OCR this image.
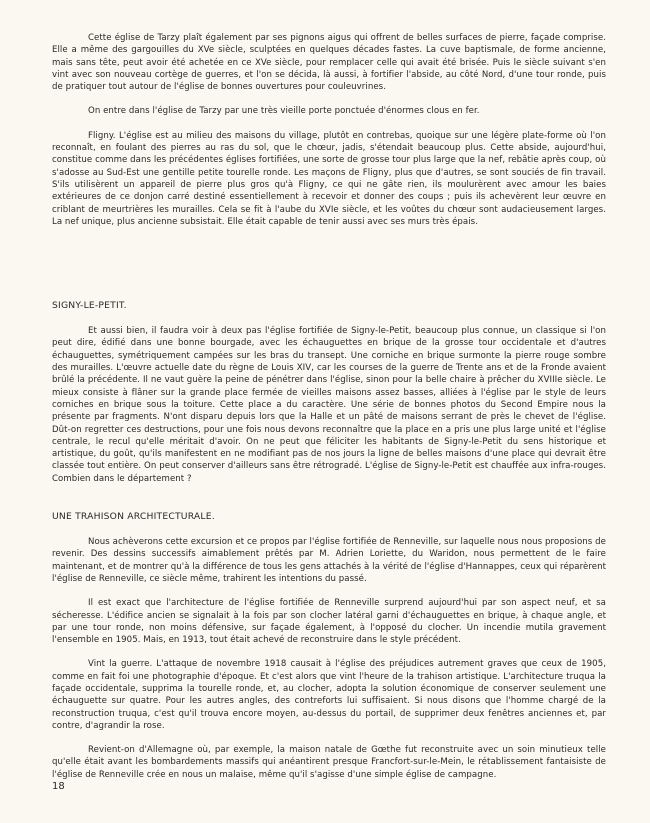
Cette église de Tarzy plaît également par ses pignons aigus qui offrent de belles surfaces de pierre, façade comprise. Elle a même des gargouilles du XVe siècle, sculptées en quelques décades fastes. La cuve baptismale, de forme ancienne, mais sans tête, peut avoir été achetée en ce XVe siècle, pour remplacer celle qui avait été brisée. Puis le siècle suivant s'en vint avec son nouveau cortège de guerres, et l'on se décida, là aussi, à fortifier l'abside, au côté Nord, d'une tour ronde, puis de pratiquer tout autour de l'église de bonnes ouvertures pour couleuvrines.

On entre dans l'église de Tarzy par une très vieille porte ponctuée d'énormes clous en fer.

Fligny. L'église est au milieu des maisons du village, plutôt en contrebas, quoique sur une légère plate-forme où l'on reconnaît, en foulant des pierres au ras du sol, que le chœur, jadis, s'étendait beaucoup plus. Cette abside, aujourd'hui, constitue comme dans les précédentes églises fortifiées, une sorte de grosse tour plus large que la nef, rebâtie après coup, où s'adosse au Sud-Est une gentille petite tourelle ronde. Les maçons de Fligny, plus que d'autres, se sont souciés de fin travail. S'ils utilisèrent un appareil de pierre plus gros qu'à Fligny, ce qui ne gâte rien, ils moulurèrent avec amour les baies extérieures de ce donjon carré destiné essentiellement à recevoir et donner des coups ; puis ils achevèrent leur œuvre en criblant de meurtrières les murailles. Cela se fit à l'aube du XVIe siècle, et les voûtes du chœur sont audacieusement larges. La nef unique, plus ancienne subsistait. Elle était capable de tenir aussi avec ses murs très épais.

SIGNY-LE-PETIT.

Et aussi bien, il faudra voir à deux pas l'église fortifiée de Signy-le-Petit, beaucoup plus connue, un classique si l'on peut dire, édifié dans une bonne bourgade, avec les échauguettes en brique de la grosse tour occidentale et d'autres échauguettes, symétriquement campées sur les bras du transept. Une corniche en brique surmonte la pierre rouge sombre des murailles. L'œuvre actuelle date du règne de Louis XIV, car les courses de la guerre de Trente ans et de la Fronde avaient brûlé la précédente. Il ne vaut guère la peine de pénétrer dans l'église, sinon pour la belle chaire à prêcher du XVIIIe siècle. Le mieux consiste à flâner sur la grande place fermée de vieilles maisons assez basses, alliées à l'église par le style de leurs corniches en brique sous la toiture. Cette place a du caractère. Une série de bonnes photos du Second Empire nous la présente par fragments. N'ont disparu depuis lors que la Halle et un pâté de maisons serrant de près le chevet de l'église. Dût-on regretter ces destructions, pour une fois nous devons reconnaître que la place en a pris une plus large unité et l'église centrale, le recul qu'elle méritait d'avoir. On ne peut que féliciter les habitants de Signy-le-Petit du sens historique et artistique, du goût, qu'ils manifestent en ne modifiant pas de nos jours la ligne de belles maisons d'une place qui devrait être classée tout entière. On peut conserver d'ailleurs sans être rétrogradé. L'église de Signy-le-Petit est chauffée aux infra-rouges. Combien dans le département ?

UNE TRAHISON ARCHITECTURALE.

Nous achèverons cette excursion et ce propos par l'église fortifiée de Renneville, sur laquelle nous nous proposions de revenir. Des dessins successifs aimablement prêtés par M. Adrien Loriette, du Waridon, nous permettent de le faire maintenant, et de montrer qu'à la différence de tous les gens attachés à la vérité de l'église d'Hannappes, ceux qui réparèrent l'église de Renneville, ce siècle même, trahirent les intentions du passé.

Il est exact que l'architecture de l'église fortifiée de Renneville surprend aujourd'hui par son aspect neuf, et sa sécheresse. L'édifice ancien se signalait à la fois par son clocher latéral garni d'échauguettes en brique, à chaque angle, et par une tour ronde, non moins défensive, sur façade également, à l'opposé du clocher. Un incendie mutila gravement l'ensemble en 1905. Mais, en 1913, tout était achevé de reconstruire dans le style précédent.

Vint la guerre. L'attaque de novembre 1918 causait à l'église des préjudices autrement graves que ceux de 1905, comme en fait foi une photographie d'époque. Et c'est alors que vint l'heure de la trahison artistique. L'architecture truqua la façade occidentale, supprima la tourelle ronde, et, au clocher, adopta la solution économique de conserver seulement une échauguette sur quatre. Pour les autres angles, des contreforts lui suffisaient. Si nous disons que l'homme chargé de la reconstruction truqua, c'est qu'il trouva encore moyen, au-dessus du portail, de supprimer deux fenêtres anciennes et, par contre, d'agrandir la rose.

Revient-on d'Allemagne où, par exemple, la maison natale de Gœthe fut reconstruite avec un soin minutieux telle qu'elle était avant les bombardements massifs qui anéantirent presque Francfort-sur-le-Mein, le rétablissement fantaisiste de l'église de Renneville crée en nous un malaise, même qu'il s'agisse d'une simple église de campagne.

18
